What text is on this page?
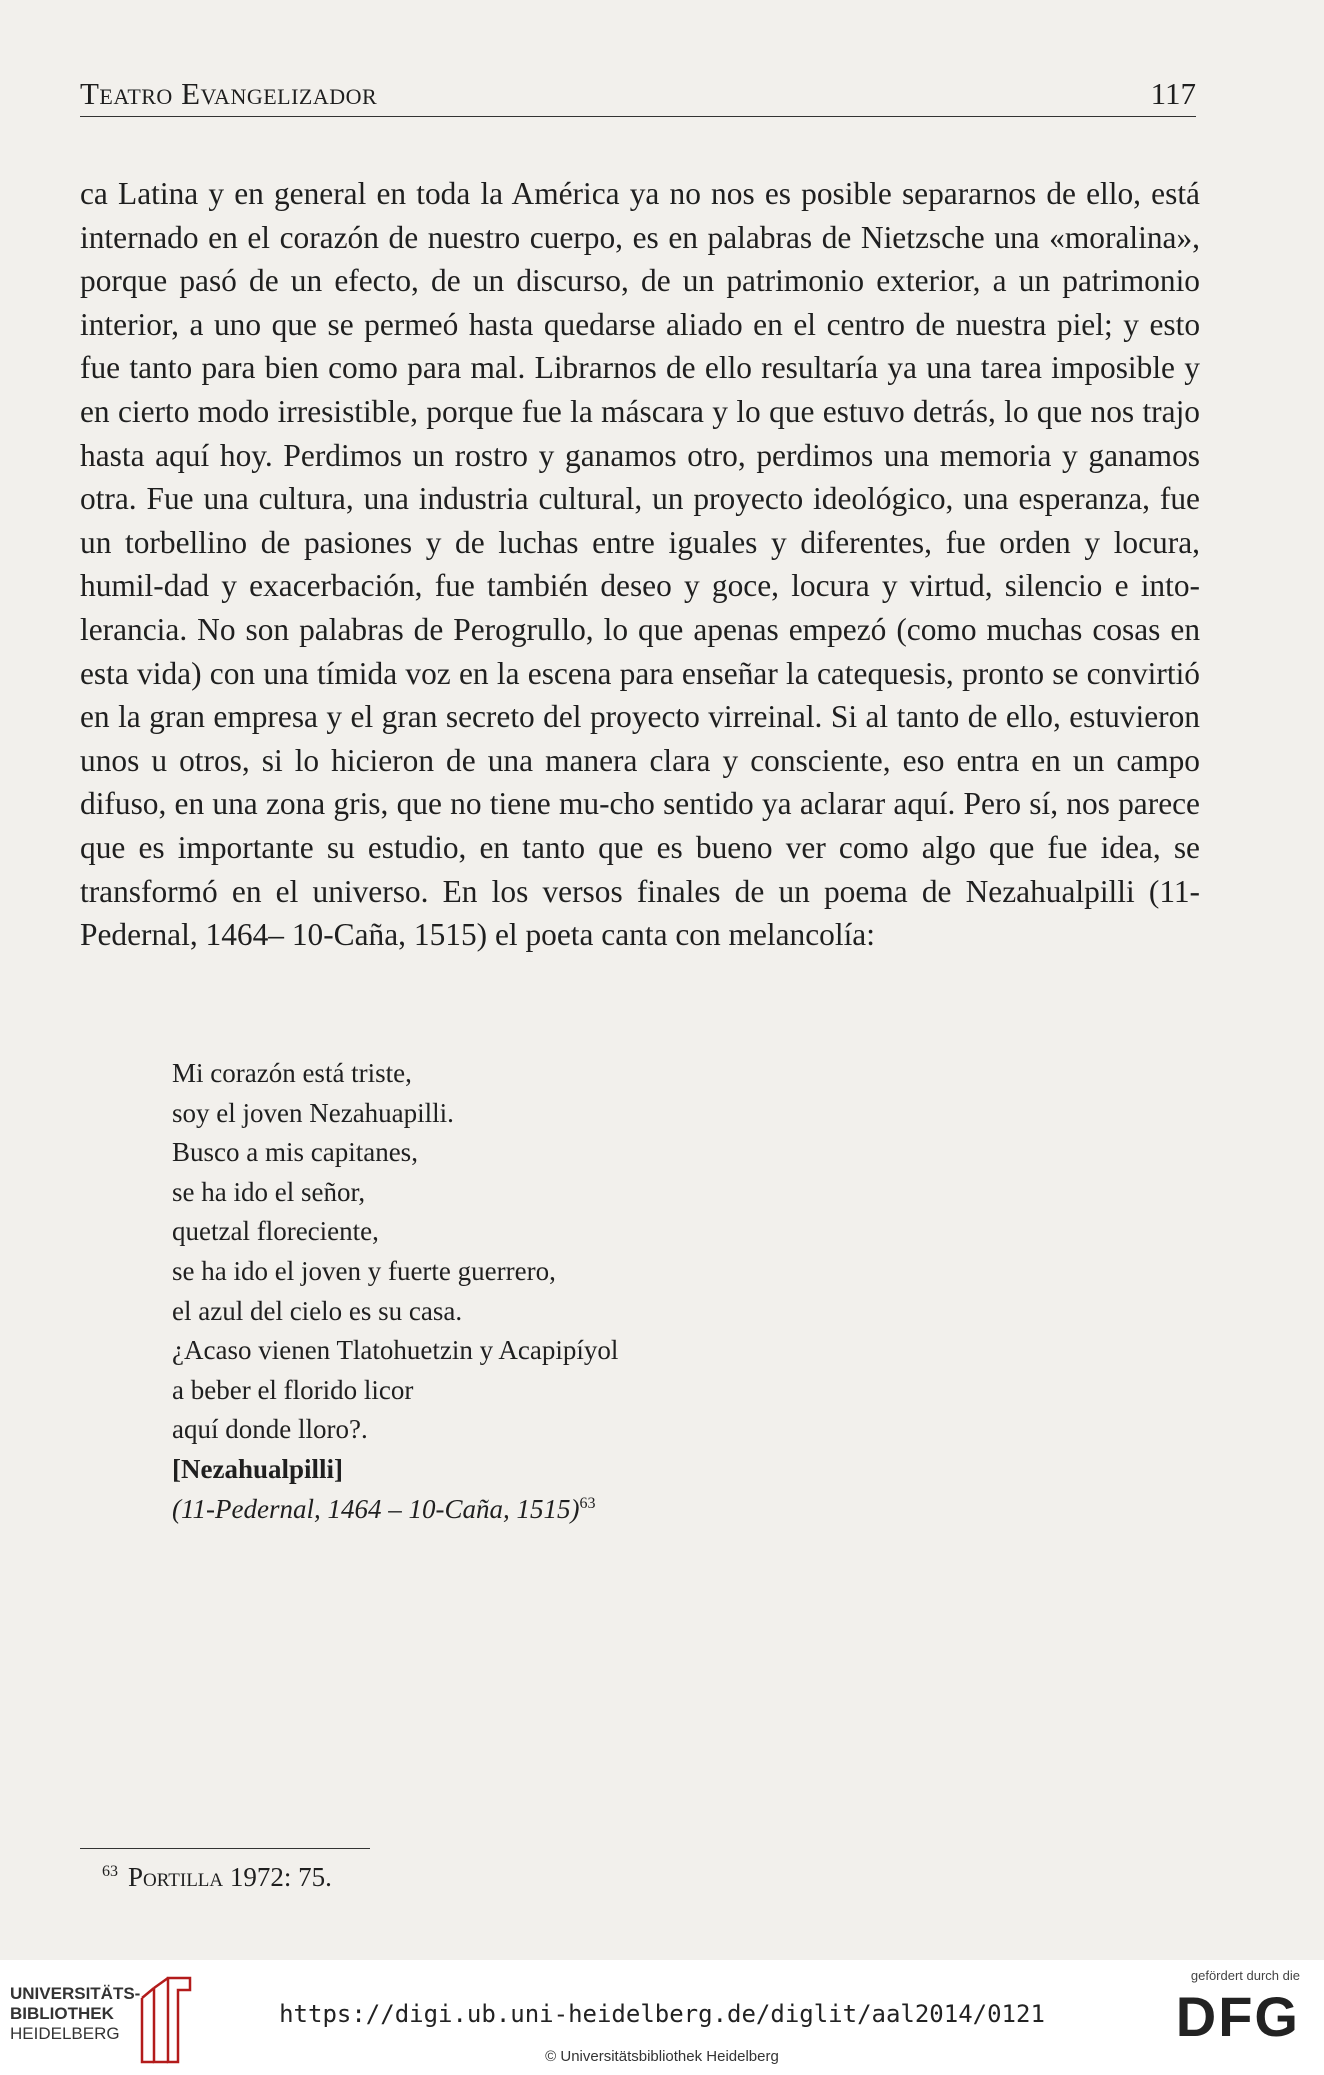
Teatro Evangelizador	117

ca Latina y en general en toda la América ya no nos es posible separarnos de ello, está internado en el corazón de nuestro cuerpo, es en palabras de Nietzsche una «moralina», porque pasó de un efecto, de un discurso, de un patrimonio exterior, a un patrimonio interior, a uno que se permeó hasta quedarse aliado en el centro de nuestra piel; y esto fue tanto para bien como para mal. Librarnos de ello resultaría ya una tarea imposible y en cierto modo irresistible, porque fue la máscara y lo que estuvo detrás, lo que nos trajo hasta aquí hoy. Perdimos un rostro y ganamos otro, perdimos una memoria y ganamos otra. Fue una cultura, una industria cultural, un proyecto ideológico, una esperanza, fue un torbellino de pasiones y de luchas entre iguales y diferentes, fue orden y locura, humil-dad y exacerbación, fue también deseo y goce, locura y virtud, silencio e into-lerancia. No son palabras de Perogrullo, lo que apenas empezó (como muchas cosas en esta vida) con una tímida voz en la escena para enseñar la catequesis, pronto se convirtió en la gran empresa y el gran secreto del proyecto virreinal. Si al tanto de ello, estuvieron unos u otros, si lo hicieron de una manera clara y consciente, eso entra en un campo difuso, en una zona gris, que no tiene mu-cho sentido ya aclarar aquí. Pero sí, nos parece que es importante su estudio, en tanto que es bueno ver como algo que fue idea, se transformó en el universo. En los versos finales de un poema de Nezahualpilli (11-Pedernal, 1464– 10-Caña, 1515) el poeta canta con melancolía:

Mi corazón está triste,
soy el joven Nezahuapilli.
Busco a mis capitanes,
se ha ido el señor,
quetzal floreciente,
se ha ido el joven y fuerte guerrero,
el azul del cielo es su casa.
¿Acaso vienen Tlatohuetzin y Acapipíyol
a beber el florido licor
aquí donde lloro?.
[Nezahualpilli]
(11-Pedernal, 1464 – 10-Caña, 1515)$^{63}$
$^{63}$ Portilla 1972: 75.
UNIVERSITÄTS-
BIBLIOTHEK
HEIDELBERG
https://digi.ub.uni-heidelberg.de/diglit/aal2014/0121
© Universitätsbibliothek Heidelberg
gefördert durch die
DFG
